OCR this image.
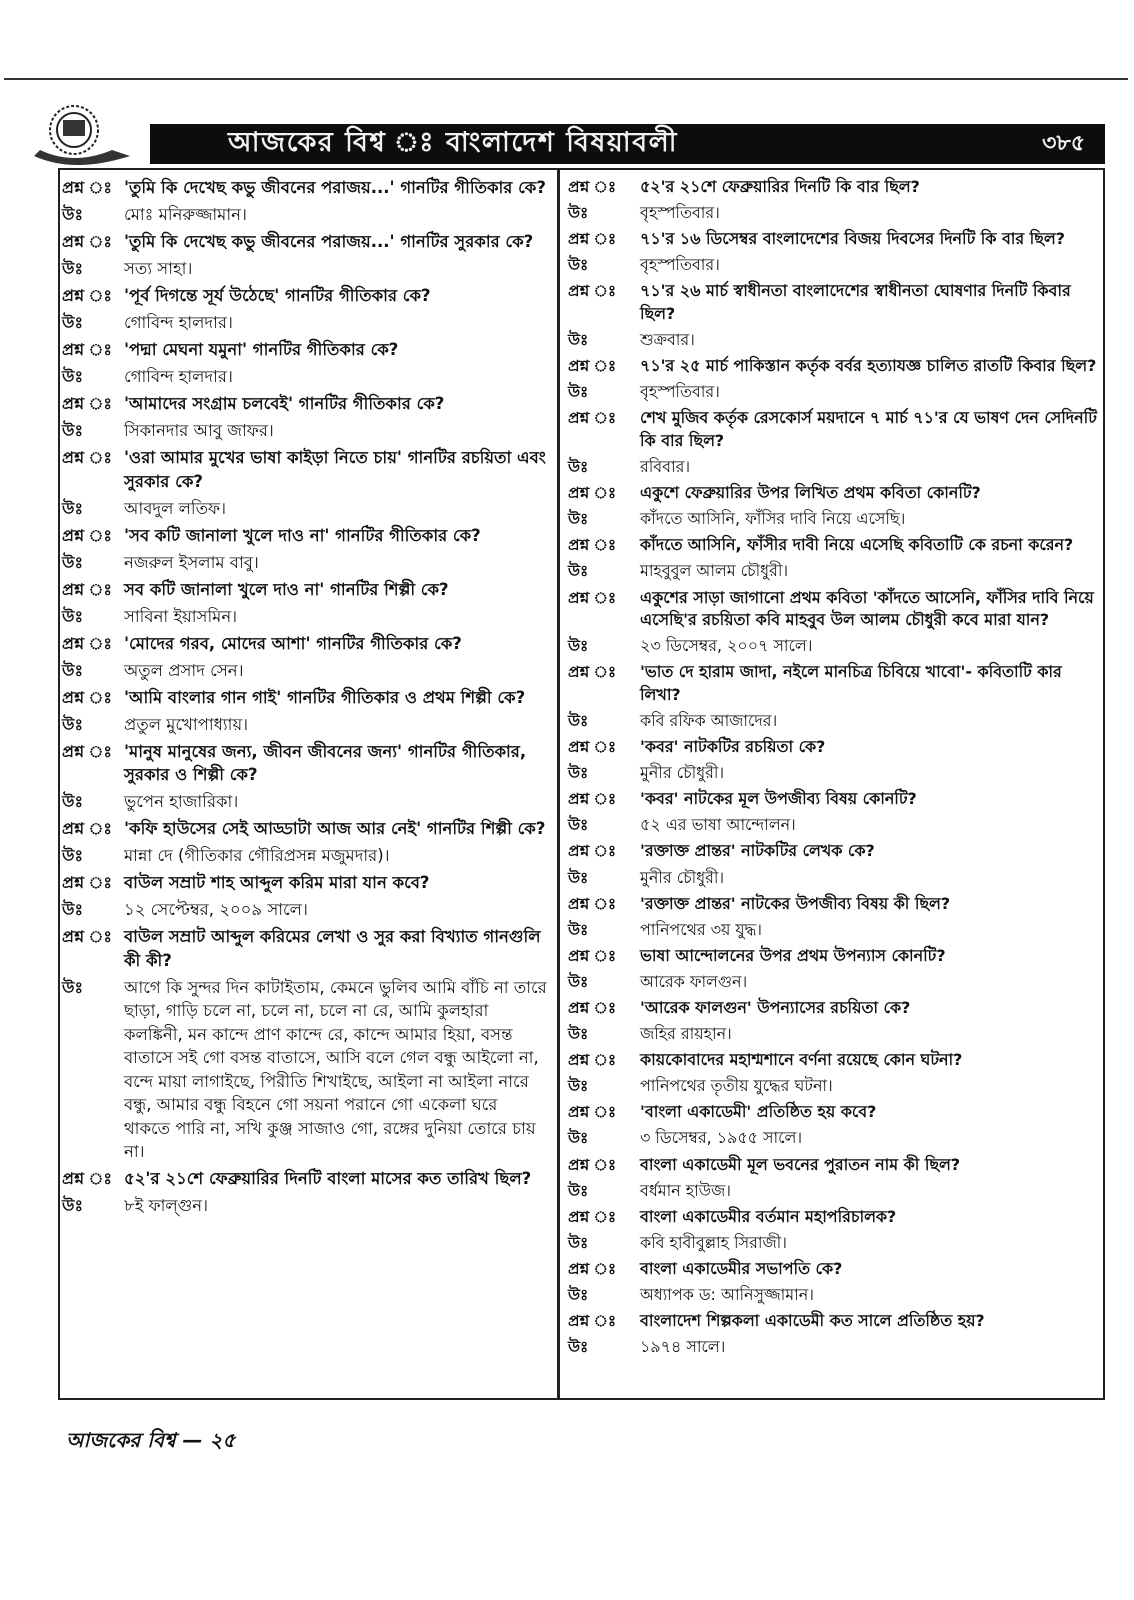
আজকের বিশ্ব ঃ বাংলাদেশ বিষয়াবলী	৩৮৫
প্রশ্ন ঃ 'তুমি কি দেখেছ কভু জীবনের পরাজয়...' গানটির গীতিকার কে?
উঃ	মোঃ মনিরুজ্জামান।
প্রশ্ন ঃ 'তুমি কি দেখেছ কভু জীবনের পরাজয়...' গানটির সুরকার কে?
উঃ	সত্য সাহা।
প্রশ্ন ঃ 'পূর্ব দিগন্তে সূর্য উঠেছে' গানটির গীতিকার কে?
উঃ	গোবিন্দ হালদার।
প্রশ্ন ঃ 'পদ্মা মেঘনা যমুনা' গানটির গীতিকার কে?
উঃ	গোবিন্দ হালদার।
প্রশ্ন ঃ 'আমাদের সংগ্রাম চলবেই' গানটির গীতিকার কে?
উঃ	সিকানদার আবু জাফর।
প্রশ্ন ঃ 'ওরা আমার মুখের ভাষা কাইড়া নিতে চায়' গানটির রচয়িতা এবং সুরকার কে?
উঃ	আবদুল লতিফ।
প্রশ্ন ঃ 'সব কটি জানালা খুলে দাও না' গানটির গীতিকার কে?
উঃ	নজরুল ইসলাম বাবু।
প্রশ্ন ঃ সব কটি জানালা খুলে দাও না' গানটির শিল্পী কে?
উঃ	সাবিনা ইয়াসমিন।
প্রশ্ন ঃ 'মোদের গরব, মোদের আশা' গানটির গীতিকার কে?
উঃ	অতুল প্রসাদ সেন।
প্রশ্ন ঃ 'আমি বাংলার গান গাই' গানটির গীতিকার ও প্রথম শিল্পী কে?
উঃ	প্রতুল মুখোপাধ্যায়।
প্রশ্ন ঃ 'মানুষ মানুষের জন্য, জীবন জীবনের জন্য' গানটির গীতিকার, সুরকার ও শিল্পী কে?
উঃ	ভুপেন হাজারিকা।
প্রশ্ন ঃ 'কফি হাউসের সেই আড্ডাটা আজ আর নেই' গানটির শিল্পী কে?
উঃ	মান্না দে (গীতিকার গৌরিপ্রসন্ন মজুমদার)।
প্রশ্ন ঃ বাউল সম্রাট শাহ আব্দুল করিম মারা যান কবে?
উঃ	১২ সেপ্টেম্বর, ২০০৯ সালে।
প্রশ্ন ঃ বাউল সম্রাট আব্দুল করিমের লেখা ও সুর করা বিখ্যাত গানগুলি কী কী?
উঃ	আগে কি সুন্দর দিন কাটাইতাম, কেমনে ভুলিব আমি বাঁচি না তারে ছাড়া, গাড়ি চলে না, চলে না, চলে না রে, আমি কুলহারা কলঙ্কিনী, মন কান্দে প্রাণ কান্দে রে, কান্দে আমার হিয়া, বসন্ত বাতাসে সই গো বসন্ত বাতাসে, আসি বলে গেল বন্ধু আইলো না, বন্দে মায়া লাগাইছে, পিরীতি শিখাইছে, আইলা না আইলা নারে বন্ধু, আমার বন্ধু বিহনে গো সয়না পরানে গো একেলা ঘরে থাকতে পারি না, সখি কুঞ্জ সাজাও গো, রঙ্গের দুনিয়া তোরে চায় না।
প্রশ্ন ঃ ৫২'র ২১শে ফেব্রুয়ারির দিনটি বাংলা মাসের কত তারিখ ছিল?
উঃ	৮ই ফাল্গুন।
প্রশ্ন ঃ	৫২'র ২১শে ফেব্রুয়ারির দিনটি কি বার ছিল?
উঃ	বৃহস্পতিবার।
প্রশ্ন ঃ	৭১'র ১৬ ডিসেম্বর বাংলাদেশের বিজয় দিবসের দিনটি কি বার ছিল?
উঃ	বৃহস্পতিবার।
প্রশ্ন ঃ	৭১'র ২৬ মার্চ স্বাধীনতা বাংলাদেশের স্বাধীনতা ঘোষণার দিনটি কিবার ছিল?
উঃ	শুক্রবার।
প্রশ্ন ঃ	৭১'র ২৫ মার্চ পাকিস্তান কর্তৃক বর্বর হত্যাযজ্ঞ চালিত রাতটি কিবার ছিল?
উঃ	বৃহস্পতিবার।
প্রশ্ন ঃ	শেখ মুজিব কর্তৃক রেসকোর্স ময়দানে ৭ মার্চ ৭১'র যে ভাষণ দেন সেদিনটি কি বার ছিল?
উঃ	রবিবার।
প্রশ্ন ঃ	একুশে ফেব্রুয়ারির উপর লিখিত প্রথম কবিতা কোনটি?
উঃ	কাঁদতে আসিনি, ফাঁসির দাবি নিয়ে এসেছি।
প্রশ্ন ঃ	কাঁদতে আসিনি, ফাঁসীর দাবী নিয়ে এসেছি কবিতাটি কে রচনা করেন?
উঃ	মাহবুবুল আলম চৌধুরী।
প্রশ্ন ঃ	একুশের সাড়া জাগানো প্রথম কবিতা 'কাঁদতে আসেনি, ফাঁসির দাবি নিয়ে এসেছি'র রচয়িতা কবি মাহবুব উল আলম চৌধুরী কবে মারা যান?
উঃ	২৩ ডিসেম্বর, ২০০৭ সালে।
প্রশ্ন ঃ	'ভাত দে হারাম জাদা, নইলে মানচিত্র চিবিয়ে খাবো'- কবিতাটি কার লিখা?
উঃ	কবি রফিক আজাদের।
প্রশ্ন ঃ	'কবর' নাটকটির রচয়িতা কে?
উঃ	মুনীর চৌধুরী।
প্রশ্ন ঃ	'কবর' নাটকের মূল উপজীব্য বিষয় কোনটি?
উঃ	৫২ এর ভাষা আন্দোলন।
প্রশ্ন ঃ	'রক্তাক্ত প্রান্তর' নাটকটির লেখক কে?
উঃ	মুনীর চৌধুরী।
প্রশ্ন ঃ	'রক্তাক্ত প্রান্তর' নাটকের উপজীব্য বিষয় কী ছিল?
উঃ	পানিপথের ৩য় যুদ্ধ।
প্রশ্ন ঃ	ভাষা আন্দোলনের উপর প্রথম উপন্যাস কোনটি?
উঃ	আরেক ফালগুন।
প্রশ্ন ঃ	'আরেক ফালগুন' উপন্যাসের রচয়িতা কে?
উঃ	জহির রায়হান।
প্রশ্ন ঃ	কায়কোবাদের মহাশ্মশানে বর্ণনা রয়েছে কোন ঘটনা?
উঃ	পানিপথের তৃতীয় যুদ্ধের ঘটনা।
প্রশ্ন ঃ	'বাংলা একাডেমী' প্রতিষ্ঠিত হয় কবে?
উঃ	৩ ডিসেম্বর, ১৯৫৫ সালে।
প্রশ্ন ঃ	বাংলা একাডেমী মূল ভবনের পুরাতন নাম কী ছিল?
উঃ	বর্ধমান হাউজ।
প্রশ্ন ঃ	বাংলা একাডেমীর বর্তমান মহাপরিচালক?
উঃ	কবি হাবীবুল্লাহ সিরাজী।
প্রশ্ন ঃ	বাংলা একাডেমীর সভাপতি কে?
উঃ	অধ্যাপক ড: আনিসুজ্জামান।
প্রশ্ন ঃ	বাংলাদেশ শিল্পকলা একাডেমী কত সালে প্রতিষ্ঠিত হয়?
উঃ	১৯৭৪ সালে।
আজকের বিশ্ব — ২৫
